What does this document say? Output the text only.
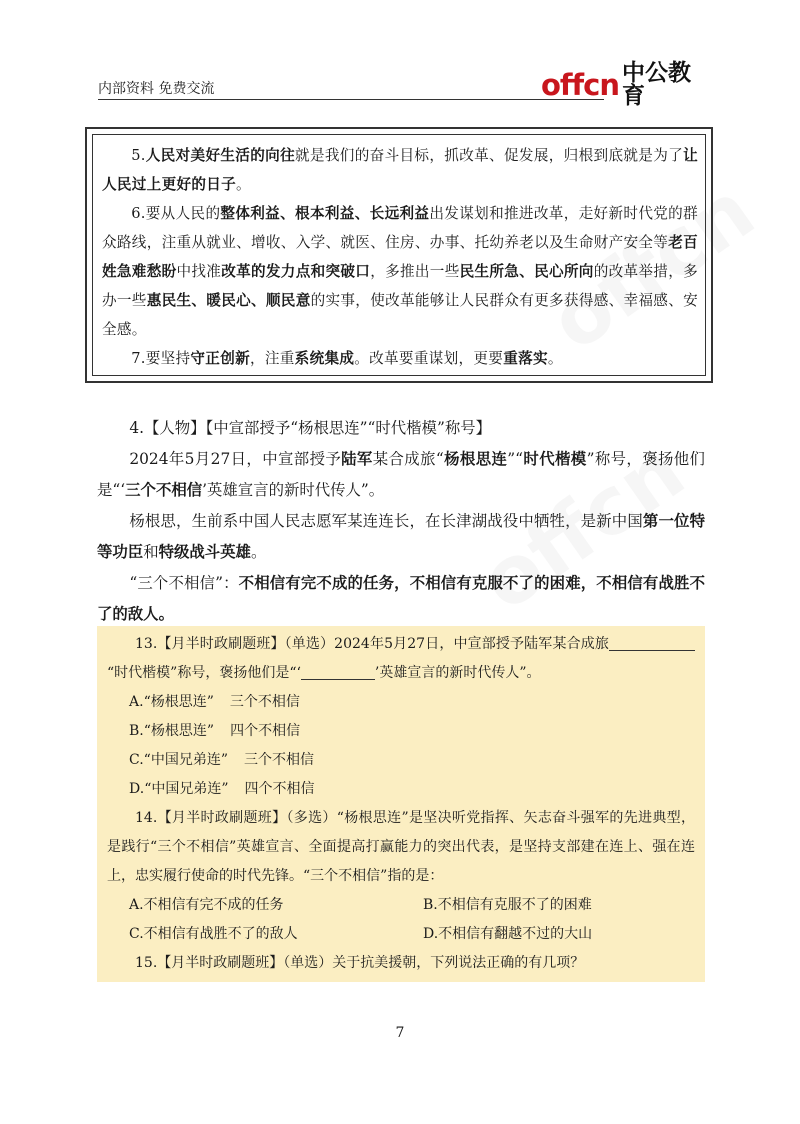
内部资料 免费交流	offcn 中公教育

5.人民对美好生活的向往就是我们的奋斗目标，抓改革、促发展，归根到底就是为了让人民过上更好的日子。

6.要从人民的整体利益、根本利益、长远利益出发谋划和推进改革，走好新时代党的群众路线，注重从就业、增收、入学、就医、住房、办事、托幼养老以及生命财产安全等老百姓急难愁盼中找准改革的发力点和突破口，多推出一些民生所急、民心所向的改革举措，多办一些惠民生、暖民心、顺民意的实事，使改革能够让人民群众有更多获得感、幸福感、安全感。

7.要坚持守正创新，注重系统集成。改革要重谋划，更要重落实。

4.【人物】【中宣部授予“杨根思连”“时代楷模”称号】

2024年5月27日，中宣部授予陆军某合成旅“杨根思连”“时代楷模”称号，褒扬他们是“‘三个不相信’英雄宣言的新时代传人”。

杨根思，生前系中国人民志愿军某连连长，在长津湖战役中牺牲，是新中国第一位特等功臣和特级战斗英雄。

“三个不相信”：不相信有完不成的任务，不相信有克服不了的困难，不相信有战胜不了的敌人。

13.【月半时政刷题班】（单选）2024年5月27日，中宣部授予陆军某合成旅“时代楷模”称号，褒扬他们是“‘	’英雄宣言的新时代传人”。

A.“杨根思连” 三个不相信

B.“杨根思连” 四个不相信

C.“中国兄弟连” 三个不相信

D.“中国兄弟连” 四个不相信

14.【月半时政刷题班】（多选）“杨根思连”是坚决听党指挥、矢志奋斗强军的先进典型，是践行“三个不相信”英雄宣言、全面提高打赢能力的突出代表，是坚持支部建在连上、强在连上，忠实履行使命的时代先锋。“三个不相信”指的是：

A.不相信有完不成的任务	B.不相信有克服不了的困难

C.不相信有战胜不了的敌人	D.不相信有翻越不过的大山

15.【月半时政刷题班】（单选）关于抗美援朝，下列说法正确的有几项？

7
